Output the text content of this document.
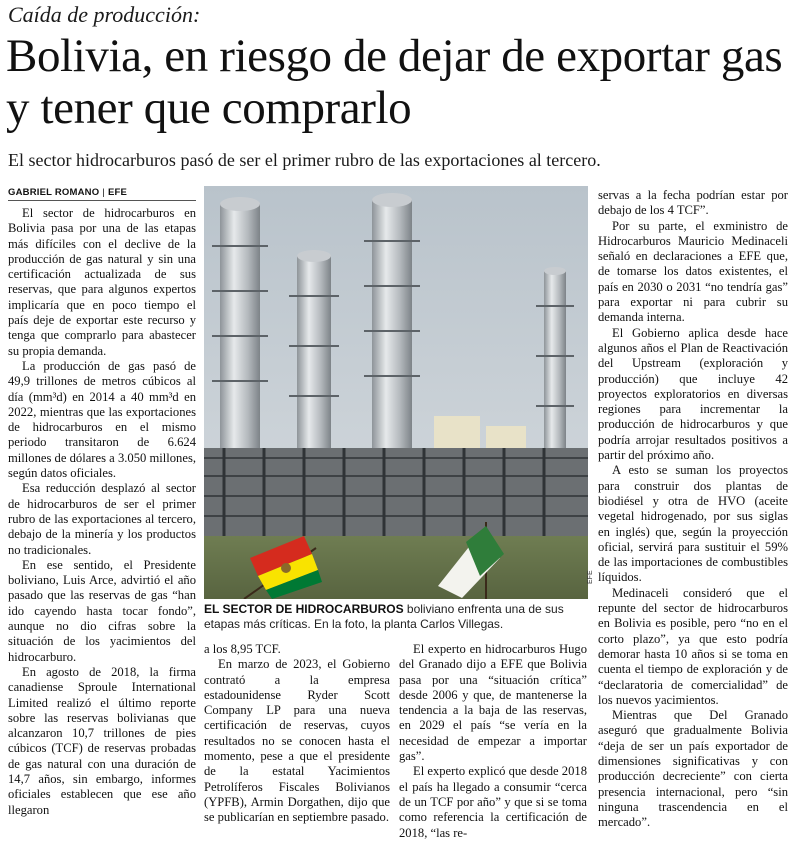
Caída de producción:
Bolivia, en riesgo de dejar de exportar gas y tener que comprarlo
El sector hidrocarburos pasó de ser el primer rubro de las exportaciones al tercero.
GABRIEL ROMANO | EFE

El sector de hidrocarburos en Bolivia pasa por una de las etapas más difíciles con el declive de la producción de gas natural y sin una certificación actualizada de sus reservas, que para algunos expertos implicaría que en poco tiempo el país deje de exportar este recurso y tenga que comprarlo para abastecer su propia demanda.

La producción de gas pasó de 49,9 trillones de metros cúbicos al día (mm³d) en 2014 a 40 mm³d en 2022, mientras que las exportaciones de hidrocarburos en el mismo periodo transitaron de 6.624 millones de dólares a 3.050 millones, según datos oficiales.

Esa reducción desplazó al sector de hidrocarburos de ser el primer rubro de las exportaciones al tercero, debajo de la minería y los productos no tradicionales.

En ese sentido, el Presidente boliviano, Luis Arce, advirtió el año pasado que las reservas de gas “han ido cayendo hasta tocar fondo”, aunque no dio cifras sobre la situación de los yacimientos del hidrocarburo.

En agosto de 2018, la firma canadiense Sproule International Limited realizó el último reporte sobre las reservas bolivianas que alcanzaron 10,7 trillones de pies cúbicos (TCF) de reservas probadas de gas natural con una duración de 14,7 años, sin embargo, informes oficiales establecen que ese año llegaron

EFE
EL SECTOR DE HIDROCARBUROS boliviano enfrenta una de sus etapas más críticas. En la foto, la planta Carlos Villegas.

a los 8,95 TCF.

En marzo de 2023, el Gobierno contrató a la empresa estadounidense Ryder Scott Company LP para una nueva certificación de reservas, cuyos resultados no se conocen hasta el momento, pese a que el presidente de la estatal Yacimientos Petrolíferos Fiscales Bolivianos (YPFB), Armin Dorgathen, dijo que se publicarían en septiembre pasado.

El experto en hidrocarburos Hugo del Granado dijo a EFE que Bolivia pasa por una “situación crítica” desde 2006 y que, de mantenerse la tendencia a la baja de las reservas, en 2029 el país “se vería en la necesidad de empezar a importar gas”.

El experto explicó que desde 2018 el país ha llegado a consumir “cerca de un TCF por año” y que si se toma como referencia la certificación de 2018, “las re-

servas a la fecha podrían estar por debajo de los 4 TCF”.

Por su parte, el exministro de Hidrocarburos Mauricio Medinaceli señaló en declaraciones a EFE que, de tomarse los datos existentes, el país en 2030 o 2031 “no tendría gas” para exportar ni para cubrir su demanda interna.

El Gobierno aplica desde hace algunos años el Plan de Reactivación del Upstream (exploración y producción) que incluye 42 proyectos exploratorios en diversas regiones para incrementar la producción de hidrocarburos y que podría arrojar resultados positivos a partir del próximo año.

A esto se suman los proyectos para construir dos plantas de biodiésel y otra de HVO (aceite vegetal hidrogenado, por sus siglas en inglés) que, según la proyección oficial, servirá para sustituir el 59% de las importaciones de combustibles líquidos.

Medinaceli consideró que el repunte del sector de hidrocarburos en Bolivia es posible, pero “no en el corto plazo”, ya que esto podría demorar hasta 10 años si se toma en cuenta el tiempo de exploración y de “declaratoria de comercialidad” de los nuevos yacimientos.

Mientras que Del Granado aseguró que gradualmente Bolivia “deja de ser un país exportador de dimensiones significativas y con producción decreciente” con cierta presencia internacional, pero “sin ninguna trascendencia en el mercado”.
